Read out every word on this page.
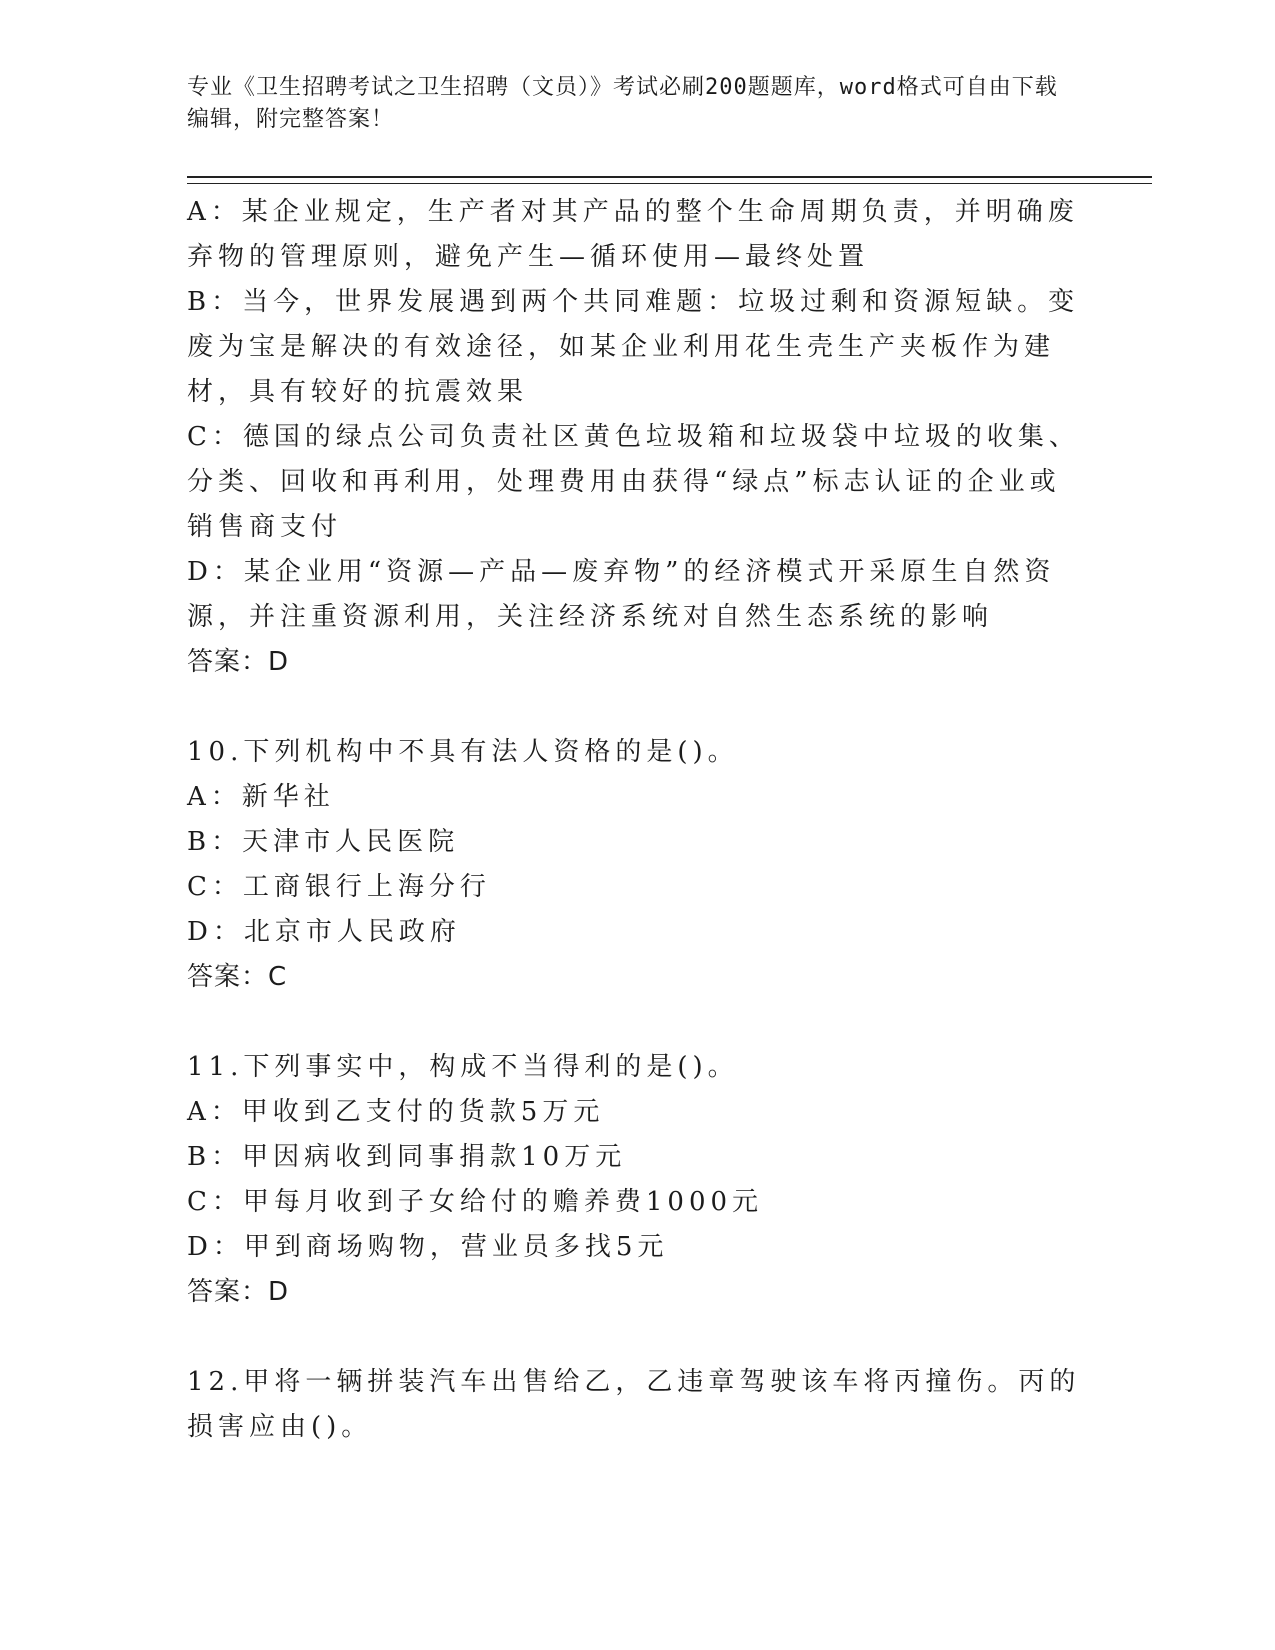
专业《卫生招聘考试之卫生招聘（文员）》考试必刷200题题库，word格式可自由下载编辑，附完整答案！

A：某企业规定，生产者对其产品的整个生命周期负责，并明确废弃物的管理原则，避免产生—循环使用—最终处置

B：当今，世界发展遇到两个共同难题：垃圾过剩和资源短缺。变废为宝是解决的有效途径，如某企业利用花生壳生产夹板作为建材，具有较好的抗震效果

C：德国的绿点公司负责社区黄色垃圾箱和垃圾袋中垃圾的收集、分类、回收和再利用，处理费用由获得“绿点”标志认证的企业或销售商支付

D：某企业用“资源—产品—废弃物”的经济模式开采原生自然资源，并注重资源利用，关注经济系统对自然生态系统的影响

答案：D

10.下列机构中不具有法人资格的是()。

A：新华社

B：天津市人民医院

C：工商银行上海分行

D：北京市人民政府

答案：C

11.下列事实中，构成不当得利的是()。

A：甲收到乙支付的货款5万元

B：甲因病收到同事捐款10万元

C：甲每月收到子女给付的赡养费1000元

D：甲到商场购物，营业员多找5元

答案：D

12.甲将一辆拼装汽车出售给乙，乙违章驾驶该车将丙撞伤。丙的损害应由()。
